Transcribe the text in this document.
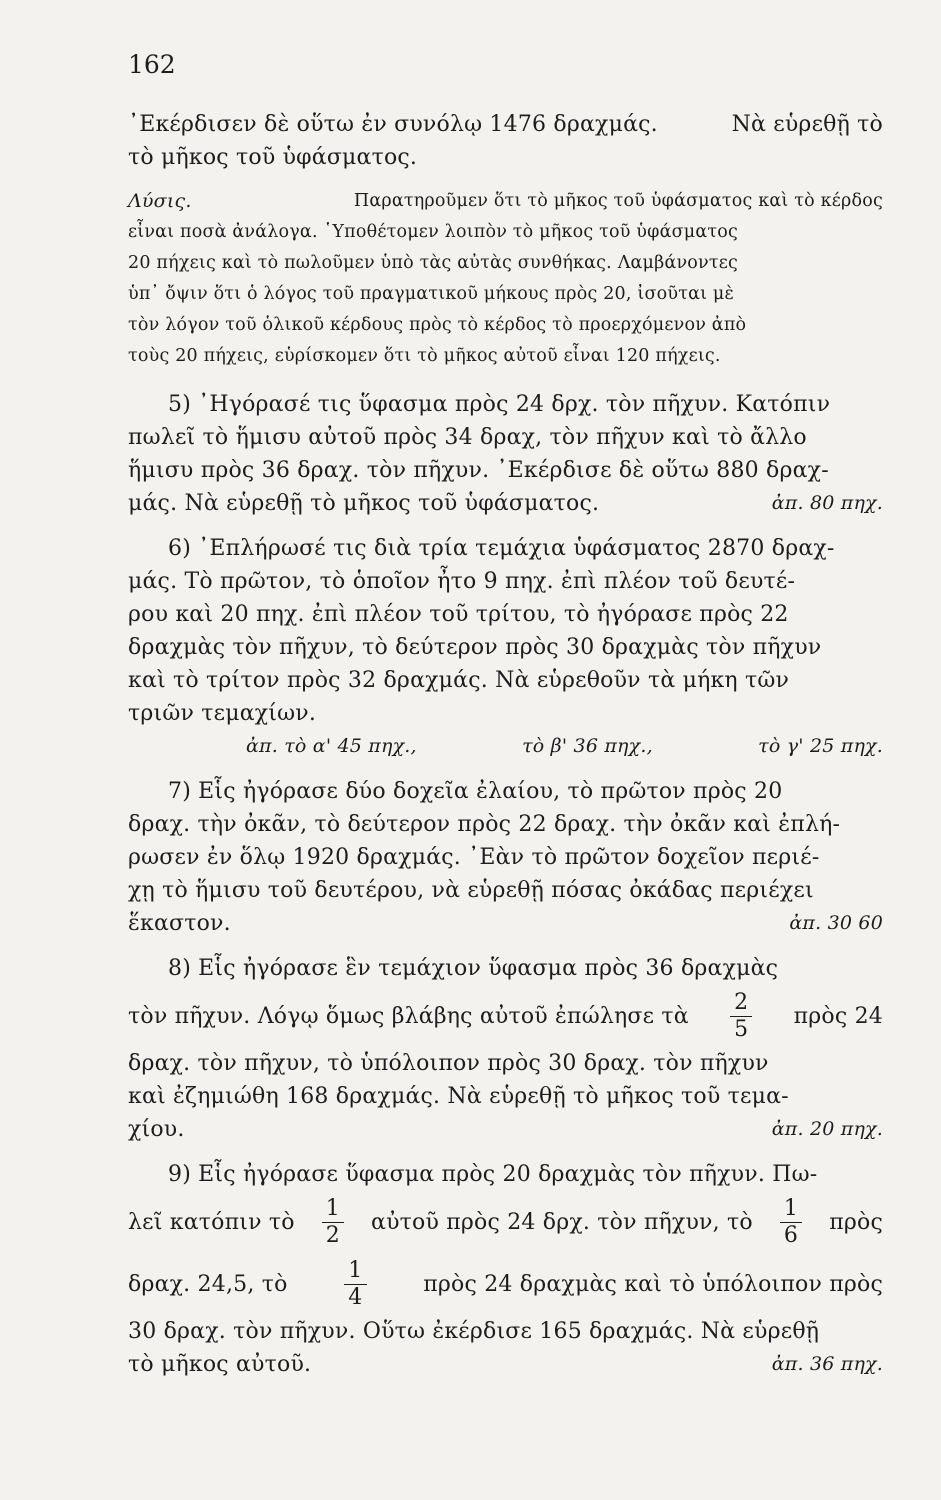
162
᾿Εκέρδισεν δὲ οὕτω ἐν συνόλῳ 1476 δραχμάς.	Νὰ εὑρεθῇ τὸ
τὸ μῆκος τοῦ ὑφάσματος.
Λύσις.	Παρατηροῦμεν ὅτι τὸ μῆκος τοῦ ὑφάσματος καὶ τὸ κέρδος
εἶναι ποσὰ ἀνάλογα. ῾Υποθέτομεν λοιπὸν τὸ μῆκος τοῦ ὑφάσματος
20 πήχεις καὶ τὸ πωλοῦμεν ὑπὸ τὰς αὐτὰς συνθήκας. Λαμβάνοντες
ὑπ᾿ ὄψιν ὅτι ὁ λόγος τοῦ πραγματικοῦ μήκους πρὸς 20, ἰσοῦται μὲ
τὸν λόγον τοῦ ὁλικοῦ κέρδους πρὸς τὸ κέρδος τὸ προερχόμενον ἀπὸ
τοὺς 20 πήχεις, εὑρίσκομεν ὅτι τὸ μῆκος αὐτοῦ εἶναι 120 πήχεις.
5) ᾿Ηγόρασέ τις ὕφασμα πρὸς 24 δρχ. τὸν πῆχυν. Κατόπιν
πωλεῖ τὸ ἥμισυ αὐτοῦ πρὸς 34 δραχ, τὸν πῆχυν καὶ τὸ ἄλλο
ἥμισυ πρὸς 36 δραχ. τὸν πῆχυν. ᾿Εκέρδισε δὲ οὕτω 880 δραχ-
μάς. Νὰ εὑρεθῇ τὸ μῆκος τοῦ ὑφάσματος.	ἀπ. 80 πηχ.
6) ᾿Επλήρωσέ τις διὰ τρία τεμάχια ὑφάσματος 2870 δραχ-
μάς. Τὸ πρῶτον, τὸ ὁποῖον ἦτο 9 πηχ. ἐπὶ πλέον τοῦ δευτέ-
ρου καὶ 20 πηχ. ἐπὶ πλέον τοῦ τρίτου, τὸ ἠγόρασε πρὸς 22
δραχμὰς τὸν πῆχυν, τὸ δεύτερον πρὸς 30 δραχμὰς τὸν πῆχυν
καὶ τὸ τρίτον πρὸς 32 δραχμάς. Νὰ εὑρεθοῦν τὰ μήκη τῶν
τριῶν τεμαχίων.
ἀπ. τὸ α' 45 πηχ.,	τὸ β' 36 πηχ.,	τὸ γ' 25 πηχ.
7) Εἷς ἠγόρασε δύο δοχεῖα ἐλαίου, τὸ πρῶτον πρὸς 20
δραχ. τὴν ὀκᾶν, τὸ δεύτερον πρὸς 22 δραχ. τὴν ὀκᾶν καὶ ἐπλή-
ρωσεν ἐν ὅλῳ 1920 δραχμάς. ᾿Εὰν τὸ πρῶτον δοχεῖον περιέ-
χῃ τὸ ἥμισυ τοῦ δευτέρου, νὰ εὑρεθῇ πόσας ὀκάδας περιέχει
ἕκαστον.	ἀπ. 30 60
8) Εἷς ἠγόρασε ἓν τεμάχιον ὕφασμα πρὸς 36 δραχμὰς
τὸν πῆχυν. Λόγῳ ὅμως βλάβης αὐτοῦ ἐπώλησε τὰ $\frac{2}{5}$ πρὸς 24
δραχ. τὸν πῆχυν, τὸ ὑπόλοιπον πρὸς 30 δραχ. τὸν πῆχυν
καὶ ἐζημιώθη 168 δραχμάς. Νὰ εὑρεθῇ τὸ μῆκος τοῦ τεμα-
χίου.	ἀπ. 20 πηχ.
9) Εἷς ἠγόρασε ὕφασμα πρὸς 20 δραχμὰς τὸν πῆχυν. Πω-
λεῖ κατόπιν τὸ $\frac{1}{2}$ αὐτοῦ πρὸς 24 δρχ. τὸν πῆχυν, τὸ $\frac{1}{6}$ πρὸς
δραχ. 24,5, τὸ	$\frac{1}{4}$	πρὸς 24 δραχμὰς καὶ τὸ ὑπόλοιπον πρὸς
30 δραχ. τὸν πῆχυν. Οὕτω ἐκέρδισε 165 δραχμάς. Νὰ εὑρεθῇ
τὸ μῆκος αὐτοῦ.	ἀπ. 36 πηχ.
